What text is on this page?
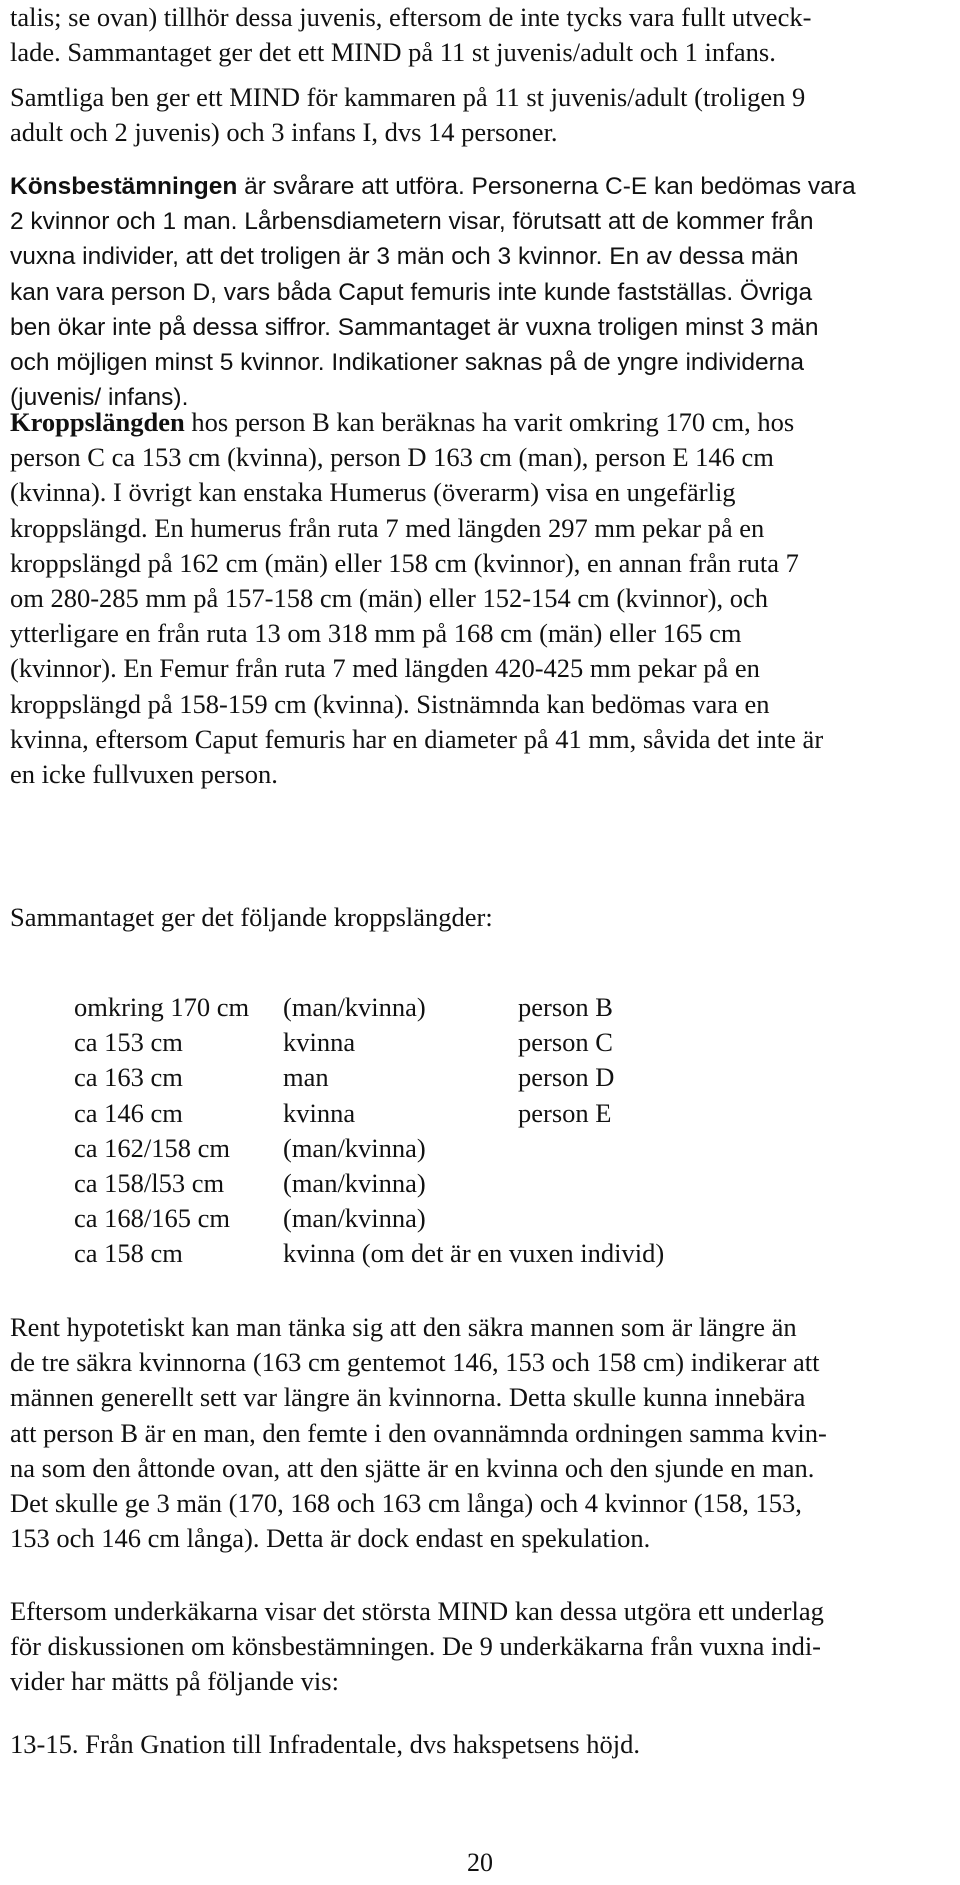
talis; se ovan) tillhör dessa juvenis, eftersom de inte tycks vara fullt utveck-
lade. Sammantaget ger det ett MIND på 11 st juvenis/adult och 1 infans.
Samtliga ben ger ett MIND för kammaren på 11 st juvenis/adult (troligen 9
adult och 2 juvenis) och 3 infans I, dvs 14 personer.
Könsbestämningen är svårare att utföra. Personerna C-E kan bedömas vara
2 kvinnor och 1 man. Lårbensdiametern visar, förutsatt att de kommer från
vuxna individer, att det troligen är 3 män och 3 kvinnor. En av dessa män
kan vara person D, vars båda Caput femuris inte kunde fastställas. Övriga
ben ökar inte på dessa siffror. Sammantaget är vuxna troligen minst 3 män
och möjligen minst 5 kvinnor. Indikationer saknas på de yngre individerna
(juvenis/ infans).
Kroppslängden hos person B kan beräknas ha varit omkring 170 cm, hos
person C ca 153 cm (kvinna), person D 163 cm (man), person E 146 cm
(kvinna). I övrigt kan enstaka Humerus (överarm) visa en ungefärlig
kroppslängd. En humerus från ruta 7 med längden 297 mm pekar på en
kroppslängd på 162 cm (män) eller 158 cm (kvinnor), en annan från ruta 7
om 280-285 mm på 157-158 cm (män) eller 152-154 cm (kvinnor), och
ytterligare en från ruta 13 om 318 mm på 168 cm (män) eller 165 cm
(kvinnor). En Femur från ruta 7 med längden 420-425 mm pekar på en
kroppslängd på 158-159 cm (kvinna). Sistnämnda kan bedömas vara en
kvinna, eftersom Caput femuris har en diameter på 41 mm, såvida det inte är
en icke fullvuxen person.
Sammantaget ger det följande kroppslängder:
omkring 170 cm	(man/kvinna)	person B
ca 153 cm	kvinna	person C
ca 163 cm	man	person D
ca 146 cm	kvinna	person E
ca 162/158 cm	(man/kvinna)	
ca 158/l53 cm	(man/kvinna)	
ca 168/165 cm	(man/kvinna)	
ca 158 cm	kvinna (om det är en vuxen individ)	
Rent hypotetiskt kan man tänka sig att den säkra mannen som är längre än
de tre säkra kvinnorna (163 cm gentemot 146, 153 och 158 cm) indikerar att
männen generellt sett var längre än kvinnorna. Detta skulle kunna innebära
att person B är en man, den femte i den ovannämnda ordningen samma kvin-
na som den åttonde ovan, att den sjätte är en kvinna och den sjunde en man.
Det skulle ge 3 män (170, 168 och 163 cm långa) och 4 kvinnor (158, 153,
153 och 146 cm långa). Detta är dock endast en spekulation.
Eftersom underkäkarna visar det största MIND kan dessa utgöra ett underlag
för diskussionen om könsbestämningen. De 9 underkäkarna från vuxna indi-
vider har mätts på följande vis:
13-15. Från Gnation till Infradentale, dvs hakspetsens höjd.
20
